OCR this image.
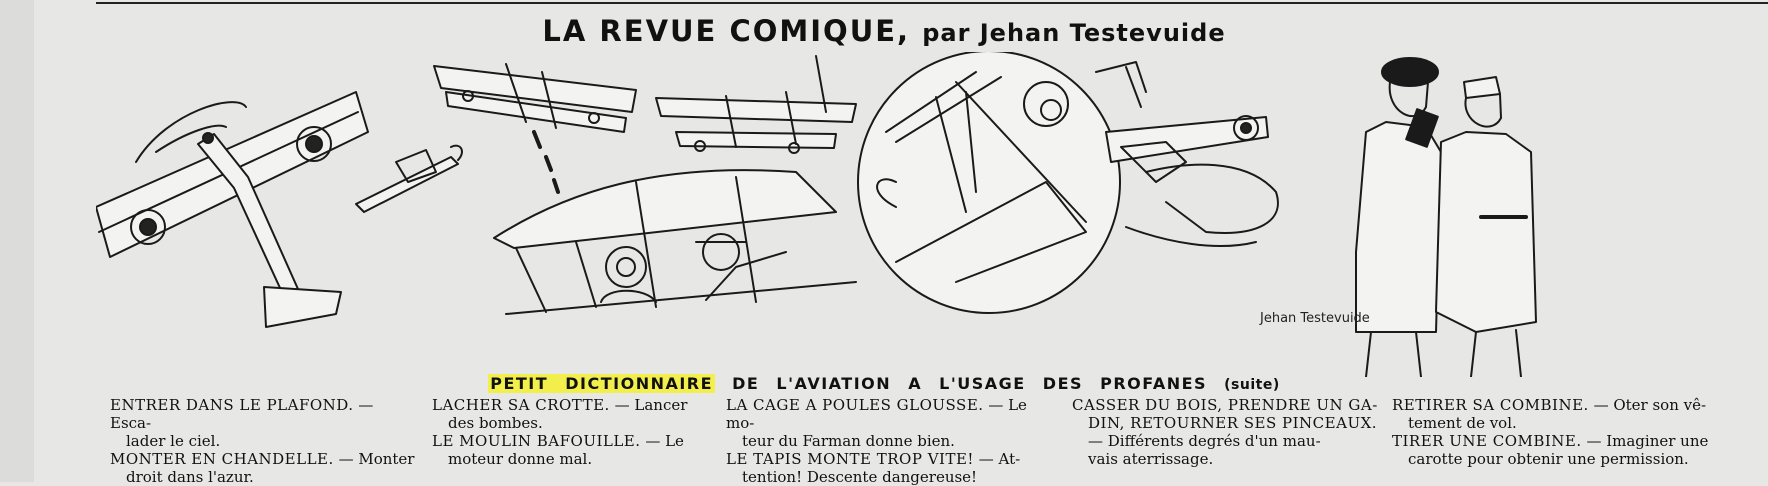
LA REVUE COMIQUE, par Jehan Testevuide
Jehan Testevuide
PETIT DICTIONNAIRE DE L'AVIATION A L'USAGE DES PROFANES (suite)

ENTRER DANS LE PLAFOND. — Esca-

lader le ciel.

MONTER EN CHANDELLE. — Monter

droit dans l'azur.

LACHER SA CROTTE. — Lancer

des bombes.

LE MOULIN BAFOUILLE. — Le

moteur donne mal.

LA CAGE A POULES GLOUSSE. — Le mo-

teur du Farman donne bien.

LE TAPIS MONTE TROP VITE! — At-

tention! Descente dangereuse!

CASSER DU BOIS, PRENDRE UN GA-

DIN, RETOURNER SES PINCEAUX.

— Différents degrés d'un mau-

vais aterrissage.

RETIRER SA COMBINE. — Oter son vê-

tement de vol.

TIRER UNE COMBINE. — Imaginer une

carotte pour obtenir une permission.
